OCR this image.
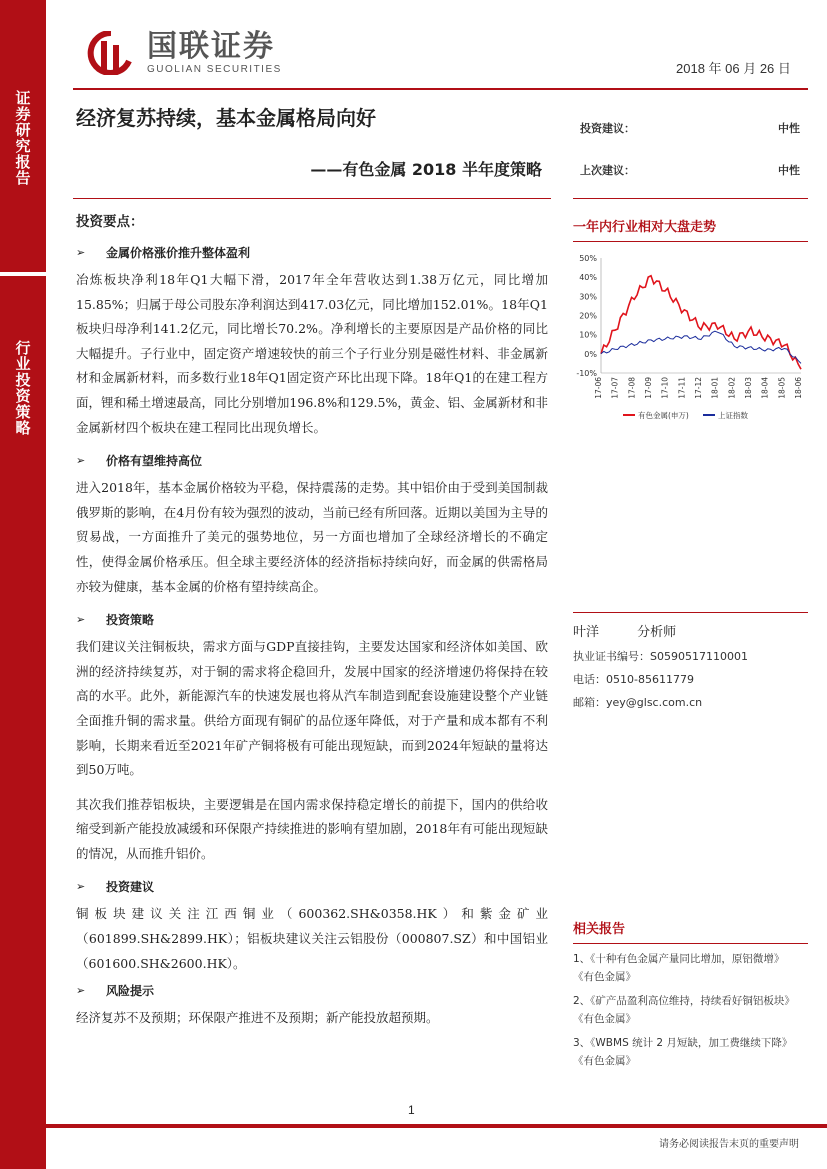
证券研究报告
行业投资策略
国联证券
GUOLIAN SECURITIES	2018 年 06 月 26 日
经济复苏持续，基本金属格局向好
——有色金属 2018 半年度策略
投资建议：	中性
上次建议：	中性
投资要点：
➢	金属价格涨价推升整体盈利

冶炼板块净利18年Q1大幅下滑，2017年全年营收达到1.38万亿元，同比增加15.85%；归属于母公司股东净利润达到417.03亿元，同比增加152.01%。18年Q1板块归母净利141.2亿元，同比增长70.2%。净利增长的主要原因是产品价格的同比大幅提升。子行业中，固定资产增速较快的前三个子行业分别是磁性材料、非金属新材和金属新材料，而多数行业18年Q1固定资产环比出现下降。18年Q1的在建工程方面，锂和稀土增速最高，同比分别增加196.8%和129.5%，黄金、铝、金属新材和非金属新材四个板块在建工程同比出现负增长。

➢	价格有望维持高位

进入2018年，基本金属价格较为平稳，保持震荡的走势。其中铝价由于受到美国制裁俄罗斯的影响，在4月份有较为强烈的波动，当前已经有所回落。近期以美国为主导的贸易战，一方面推升了美元的强势地位，另一方面也增加了全球经济增长的不确定性，使得金属价格承压。但全球主要经济体的经济指标持续向好，而金属的供需格局亦较为健康，基本金属的价格有望持续高企。

➢	投资策略

我们建议关注铜板块，需求方面与GDP直接挂钩，主要发达国家和经济体如美国、欧洲的经济持续复苏，对于铜的需求将企稳回升，发展中国家的经济增速仍将保持在较高的水平。此外，新能源汽车的快速发展也将从汽车制造到配套设施建设整个产业链全面推升铜的需求量。供给方面现有铜矿的品位逐年降低，对于产量和成本都有不利影响，长期来看近至2021年矿产铜将极有可能出现短缺，而到2024年短缺的量将达到50万吨。

其次我们推荐铝板块，主要逻辑是在国内需求保持稳定增长的前提下，国内的供给收缩受到新产能投放减缓和环保限产持续推进的影响有望加剧，2018年有可能出现短缺的情况，从而推升铝价。

➢	投资建议

铜板块建议关注江西铜业（600362.SH&0358.HK）和紫金矿业（601899.SH&2899.HK）；铝板块建议关注云铝股份（000807.SZ）和中国铝业（601600.SH&2600.HK）。

➢	风险提示

经济复苏不及预期；环保限产推进不及预期；新产能投放超预期。

一年内行业相对大盘走势
50%
40%
30%
20%
10%
0%
-10%
17-06 17-07 17-08 17-09 17-10 17-11 17-12 18-01 18-02 18-03 18-04 18-05 18-06
有色金属(申万)	上证指数
叶洋	分析师
执业证书编号：S0590517110001
电话：0510-85611779
邮箱：yey@glsc.com.cn
相关报告
1、《十种有色金属产量同比增加，原铝微增》
《有色金属》
2、《矿产品盈利高位维持，持续看好铜铝板块》
《有色金属》
3、《WBMS 统计 2 月短缺，加工费继续下降》
《有色金属》
1
请务必阅读报告末页的重要声明
